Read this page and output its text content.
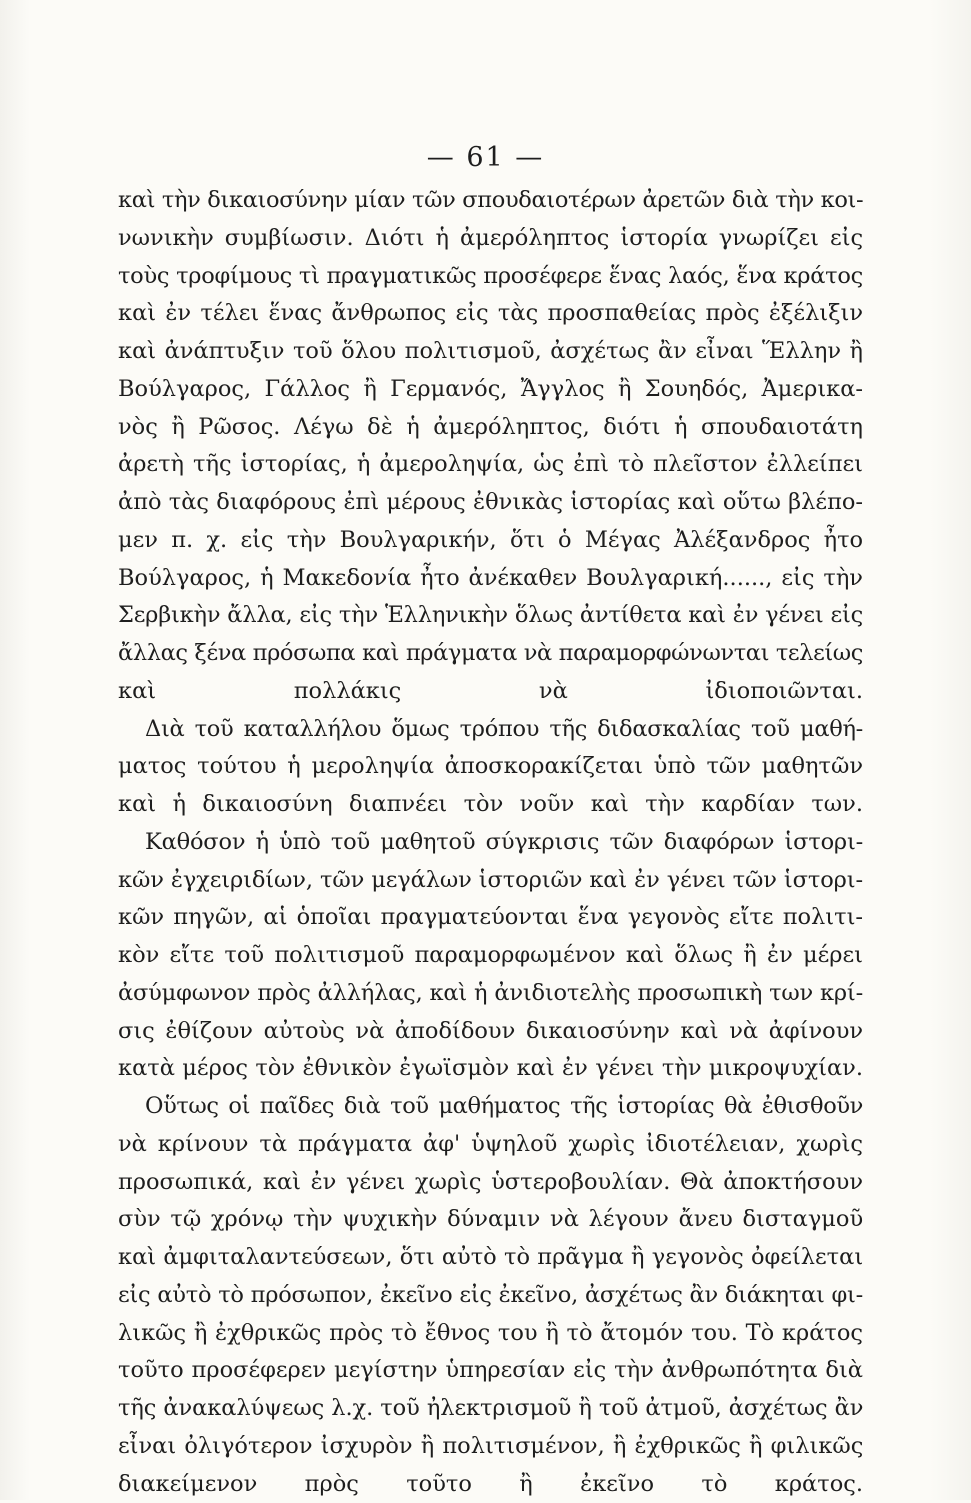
— 61 —
καὶ τὴν δικαιοσύνην μίαν τῶν σπουδαιοτέρων ἀρετῶν διὰ τὴν κοι-
νωνικὴν συμβίωσιν. Διότι ἡ ἀμερόληπτος ἱστορία γνωρίζει εἰς
τοὺς τροφίμους τὶ πραγματικῶς προσέφερε ἕνας λαός, ἕνα κράτος
καὶ ἐν τέλει ἕνας ἄνθρωπος εἰς τὰς προσπαθείας πρὸς ἐξέλιξιν
καὶ ἀνάπτυξιν τοῦ ὅλου πολιτισμοῦ, ἀσχέτως ἂν εἶναι Ἕλλην ἢ
Βούλγαρος, Γάλλος ἢ Γερμανός, Ἄγγλος ἢ Σουηδός, Ἀμερικα-
νὸς ἢ Ρῶσος. Λέγω δὲ ἡ ἀμερόληπτος, διότι ἡ σπουδαιοτάτη
ἀρετὴ τῆς ἱστορίας, ἡ ἀμεροληψία, ὡς ἐπὶ τὸ πλεῖστον ἐλλείπει
ἀπὸ τὰς διαφόρους ἐπὶ μέρους ἐθνικὰς ἱστορίας καὶ οὕτω βλέπο-
μεν π. χ. εἰς τὴν Βουλγαρικήν, ὅτι ὁ Μέγας Ἀλέξανδρος ἦτο
Βούλγαρος, ἡ Μακεδονία ἦτο ἀνέκαθεν Βουλγαρική......, εἰς τὴν
Σερβικὴν ἄλλα, εἰς τὴν Ἑλληνικὴν ὅλως ἀντίθετα καὶ ἐν γένει εἰς
ἄλλας ξένα πρόσωπα καὶ πράγματα νὰ παραμορφώνωνται τελείως
καὶ πολλάκις νὰ ἰδιοποιῶνται.
Διὰ τοῦ καταλλήλου ὅμως τρόπου τῆς διδασκαλίας τοῦ μαθή-
ματος τούτου ἡ μεροληψία ἀποσκορακίζεται ὑπὸ τῶν μαθητῶν
καὶ ἡ δικαιοσύνη διαπνέει τὸν νοῦν καὶ τὴν καρδίαν των.
Καθόσον ἡ ὑπὸ τοῦ μαθητοῦ σύγκρισις τῶν διαφόρων ἱστορι-
κῶν ἐγχειριδίων, τῶν μεγάλων ἱστοριῶν καὶ ἐν γένει τῶν ἱστορι-
κῶν πηγῶν, αἱ ὁποῖαι πραγματεύονται ἕνα γεγονὸς εἴτε πολιτι-
κὸν εἴτε τοῦ πολιτισμοῦ παραμορφωμένον καὶ ὅλως ἢ ἐν μέρει
ἀσύμφωνον πρὸς ἀλλήλας, καὶ ἡ ἀνιδιοτελὴς προσωπικὴ των κρί-
σις ἐθίζουν αὐτοὺς νὰ ἀποδίδουν δικαιοσύνην καὶ νὰ ἀφίνουν
κατὰ μέρος τὸν ἐθνικὸν ἐγωϊσμὸν καὶ ἐν γένει τὴν μικροψυχίαν.
Οὕτως οἱ παῖδες διὰ τοῦ μαθήματος τῆς ἱστορίας θὰ ἐθισθοῦν
νὰ κρίνουν τὰ πράγματα ἀφ' ὑψηλοῦ χωρὶς ἰδιοτέλειαν, χωρὶς
προσωπικά, καὶ ἐν γένει χωρὶς ὑστεροβουλίαν. Θὰ ἀποκτήσουν
σὺν τῷ χρόνῳ τὴν ψυχικὴν δύναμιν νὰ λέγουν ἄνευ δισταγμοῦ
καὶ ἀμφιταλαντεύσεων, ὅτι αὐτὸ τὸ πρᾶγμα ἢ γεγονὸς ὀφείλεται
εἰς αὐτὸ τὸ πρόσωπον, ἐκεῖνο εἰς ἐκεῖνο, ἀσχέτως ἂν διάκηται φι-
λικῶς ἢ ἐχθρικῶς πρὸς τὸ ἔθνος του ἢ τὸ ἄτομόν του. Τὸ κράτος
τοῦτο προσέφερεν μεγίστην ὑπηρεσίαν εἰς τὴν ἀνθρωπότητα διὰ
τῆς ἀνακαλύψεως λ.χ. τοῦ ἠλεκτρισμοῦ ἢ τοῦ ἀτμοῦ, ἀσχέτως ἂν
εἶναι ὀλιγότερον ἰσχυρὸν ἢ πολιτισμένον, ἢ ἐχθρικῶς ἢ φιλικῶς
διακείμενον πρὸς τοῦτο ἢ ἐκεῖνο τὸ κράτος.
